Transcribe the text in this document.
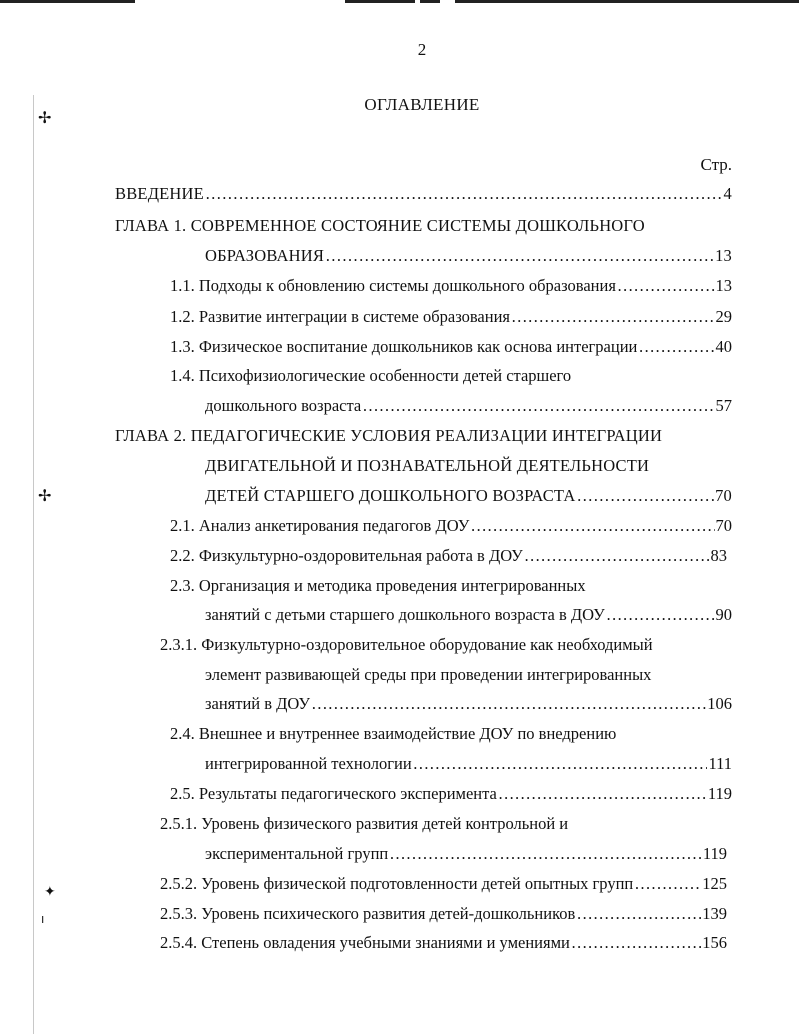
✢
✢
✦
ı
2
ОГЛАВЛЕНИЕ
Стр.
ВВЕДЕНИЕ …………………………………………………………………………………………………………………………………………………………………………………………………………	4
ГЛАВА 1. СОВРЕМЕННОЕ СОСТОЯНИЕ СИСТЕМЫ ДОШКОЛЬНОГО
ОБРАЗОВАНИЯ …………………………………………………………………………………………………………………………………………………………………………………………………………	13
1.1. Подходы к обновлению системы дошкольного образования …………………………………………………………………………………………………………………………………………………………………………………………………………	13
1.2. Развитие интеграции в системе образования …………………………………………………………………………………………………………………………………………………………………………………………………………	29
1.3. Физическое воспитание дошкольников как основа интеграции …………………………………………………………………………………………………………………………………………………………………………………………………………	40
1.4. Психофизиологические особенности детей старшего
дошкольного возраста …………………………………………………………………………………………………………………………………………………………………………………………………………	57
ГЛАВА 2. ПЕДАГОГИЧЕСКИЕ УСЛОВИЯ РЕАЛИЗАЦИИ ИНТЕГРАЦИИ
ДВИГАТЕЛЬНОЙ И ПОЗНАВАТЕЛЬНОЙ ДЕЯТЕЛЬНОСТИ
ДЕТЕЙ СТАРШЕГО ДОШКОЛЬНОГО ВОЗРАСТА …………………………………………………………………………………………………………………………………………………………………………………………………………	70
2.1. Анализ анкетирования педагогов ДОУ …………………………………………………………………………………………………………………………………………………………………………………………………………	70
2.2. Физкультурно-оздоровительная работа в ДОУ …………………………………………………………………………………………………………………………………………………………………………………………………………	83
2.3. Организация и методика проведения интегрированных
занятий с детьми старшего дошкольного возраста в ДОУ …………………………………………………………………………………………………………………………………………………………………………………………………………	90
2.3.1. Физкультурно-оздоровительное оборудование как необходимый
элемент развивающей среды при проведении интегрированных
занятий в ДОУ …………………………………………………………………………………………………………………………………………………………………………………………………………	106
2.4. Внешнее и внутреннее взаимодействие ДОУ по внедрению
интегрированной технологии …………………………………………………………………………………………………………………………………………………………………………………………………………	111
2.5. Результаты педагогического эксперимента …………………………………………………………………………………………………………………………………………………………………………………………………………	119
2.5.1. Уровень физического развития детей контрольной и
экспериментальной групп …………………………………………………………………………………………………………………………………………………………………………………………………………	119
2.5.2. Уровень физической подготовленности детей опытных групп …………………………………………………………………………………………………………………………………………………………………………………………………………	125
2.5.3. Уровень психического развития детей-дошкольников …………………………………………………………………………………………………………………………………………………………………………………………………………	139
2.5.4. Степень овладения учебными знаниями и умениями …………………………………………………………………………………………………………………………………………………………………………………………………………	156
